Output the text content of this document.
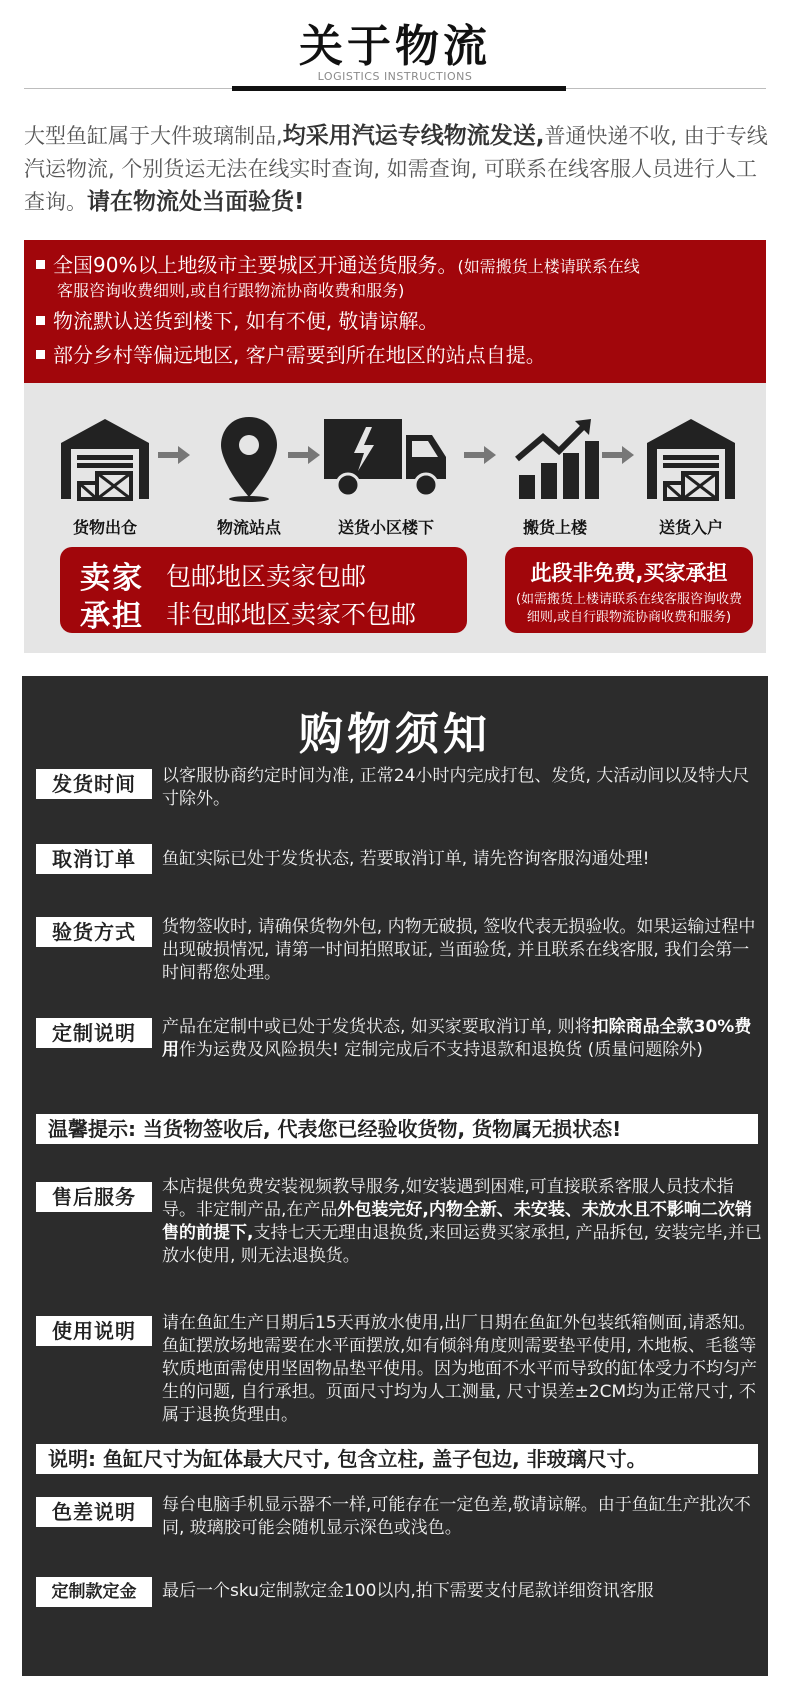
关于物流
LOGISTICS INSTRUCTIONS
大型鱼缸属于大件玻璃制品,均采用汽运专线物流发送,普通快递不收, 由于专线汽运物流, 个别货运无法在线实时查询, 如需查询, 可联系在线客服人员进行人工查询。请在物流处当面验货!
全国90%以上地级市主要城区开通送货服务。(如需搬货上楼请联系在线
客服咨询收费细则,或自行跟物流协商收费和服务)
物流默认送货到楼下, 如有不便, 敬请谅解。
部分乡村等偏远地区, 客户需要到所在地区的站点自提。
货物出仓	物流站点	送货小区楼下	搬货上楼	送货入户
卖家
承担
包邮地区卖家包邮
非包邮地区卖家不包邮
此段非免费,买家承担
(如需搬货上楼请联系在线客服咨询收费细则,或自行跟物流协商收费和服务)
购物须知
发货时间	以客服协商约定时间为准, 正常24小时内完成打包、发货, 大活动间以及特大尺寸除外。
取消订单	鱼缸实际已处于发货状态, 若要取消订单, 请先咨询客服沟通处理!
验货方式	货物签收时, 请确保货物外包, 内物无破损, 签收代表无损验收。如果运输过程中出现破损情况, 请第一时间拍照取证, 当面验货, 并且联系在线客服, 我们会第一时间帮您处理。
定制说明	产品在定制中或已处于发货状态, 如买家要取消订单, 则将扣除商品全款30%费用作为运费及风险损失! 定制完成后不支持退款和退换货 (质量问题除外)
温馨提示: 当货物签收后, 代表您已经验收货物, 货物属无损状态!
售后服务	本店提供免费安装视频教导服务,如安装遇到困难,可直接联系客服人员技术指导。非定制产品,在产品外包装完好,内物全新、未安装、未放水且不影响二次销售的前提下,支持七天无理由退换货,来回运费买家承担, 产品拆包, 安装完毕,并已放水使用, 则无法退换货。
使用说明	请在鱼缸生产日期后15天再放水使用,出厂日期在鱼缸外包装纸箱侧面,请悉知。鱼缸摆放场地需要在水平面摆放,如有倾斜角度则需要垫平使用, 木地板、毛毯等软质地面需使用坚固物品垫平使用。因为地面不水平而导致的缸体受力不均匀产生的问题, 自行承担。页面尺寸均为人工测量, 尺寸误差±2CM均为正常尺寸, 不属于退换货理由。
说明: 鱼缸尺寸为缸体最大尺寸, 包含立柱, 盖子包边, 非玻璃尺寸。
色差说明	每台电脑手机显示器不一样,可能存在一定色差,敬请谅解。由于鱼缸生产批次不同, 玻璃胶可能会随机显示深色或浅色。
定制款定金	最后一个sku定制款定金100以内,拍下需要支付尾款详细资讯客服
